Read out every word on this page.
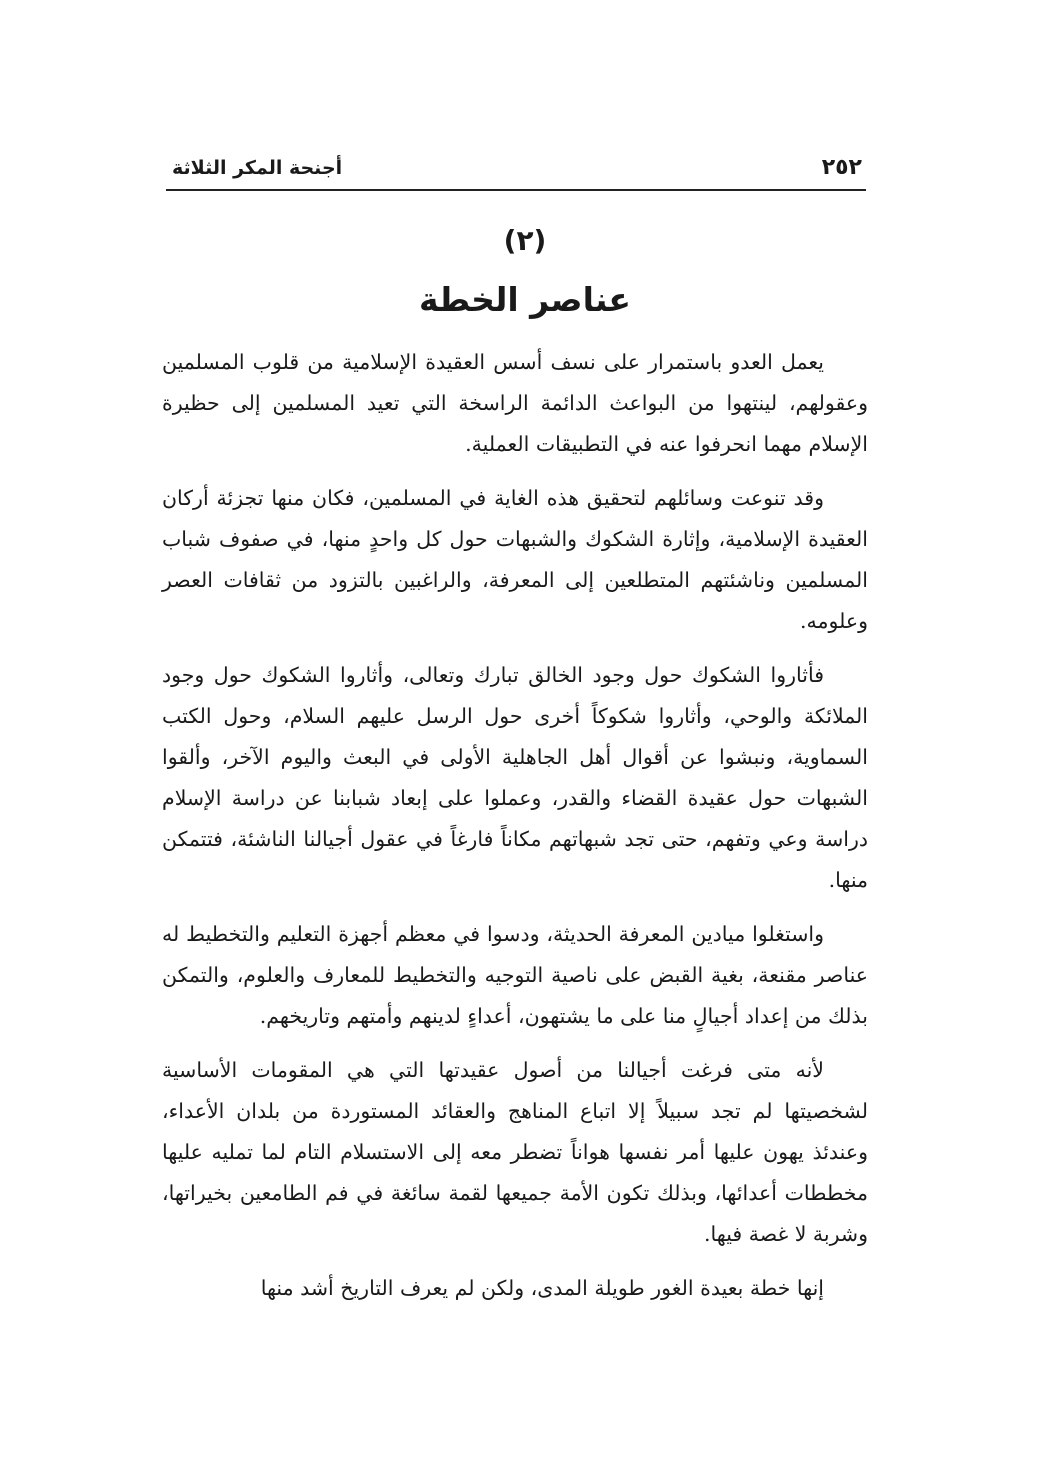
أجنحة المكر الثلاثة	٢٥٢
(٢)
عناصر الخطة

يعمل العدو باستمرار على نسف أسس العقيدة الإسلامية من قلوب المسلمين وعقولهم، لينتهوا من البواعث الدائمة الراسخة التي تعيد المسلمين إلى حظيرة الإسلام مهما انحرفوا عنه في التطبيقات العملية.

وقد تنوعت وسائلهم لتحقيق هذه الغاية في المسلمين، فكان منها تجزئة أركان العقيدة الإسلامية، وإثارة الشكوك والشبهات حول كل واحدٍ منها، في صفوف شباب المسلمين وناشئتهم المتطلعين إلى المعرفة، والراغبين بالتزود من ثقافات العصر وعلومه.

فأثاروا الشكوك حول وجود الخالق تبارك وتعالى، وأثاروا الشكوك حول وجود الملائكة والوحي، وأثاروا شكوكاً أخرى حول الرسل عليهم السلام، وحول الكتب السماوية، ونبشوا عن أقوال أهل الجاهلية الأولى في البعث واليوم الآخر، وألقوا الشبهات حول عقيدة القضاء والقدر، وعملوا على إبعاد شبابنا عن دراسة الإسلام دراسة وعي وتفهم، حتى تجد شبهاتهم مكاناً فارغاً في عقول أجيالنا الناشئة، فتتمكن منها.

واستغلوا ميادين المعرفة الحديثة، ودسوا في معظم أجهزة التعليم والتخطيط له عناصر مقنعة، بغية القبض على ناصية التوجيه والتخطيط للمعارف والعلوم، والتمكن بذلك من إعداد أجيالٍ منا على ما يشتهون، أعداءٍ لدينهم وأمتهم وتاريخهم.

لأنه متى فرغت أجيالنا من أصول عقيدتها التي هي المقومات الأساسية لشخصيتها لم تجد سبيلاً إلا اتباع المناهج والعقائد المستوردة من بلدان الأعداء، وعندئذ يهون عليها أمر نفسها هواناً تضطر معه إلى الاستسلام التام لما تمليه عليها مخططات أعدائها، وبذلك تكون الأمة جميعها لقمة سائغة في فم الطامعين بخيراتها، وشربة لا غصة فيها.

إنها خطة بعيدة الغور طويلة المدى، ولكن لم يعرف التاريخ أشد منها
